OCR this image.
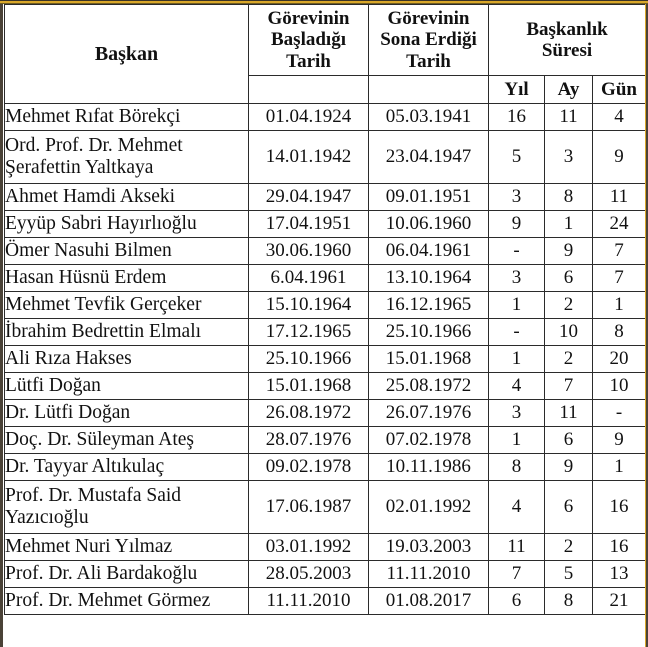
Başkan	
Görevinin
Başladığı
Tarih

Görevinin
Sona Erdiği
Tarih

Başkanlık
Süresi

			Yıl	Ay	Gün
Mehmet Rıfat Börekçi	01.04.1924	05.03.1941	16	11	4
Ord. Prof. Dr. Mehmet Şerafettin Yaltkaya	14.01.1942	23.04.1947	5	3	9
Ahmet Hamdi Akseki	29.04.1947	09.01.1951	3	8	11
Eyyüp Sabri Hayırlıoğlu	17.04.1951	10.06.1960	9	1	24
Ömer Nasuhi Bilmen	30.06.1960	06.04.1961	-	9	7
Hasan Hüsnü Erdem	6.04.1961	13.10.1964	3	6	7
Mehmet Tevfik Gerçeker	15.10.1964	16.12.1965	1	2	1
İbrahim Bedrettin Elmalı	17.12.1965	25.10.1966	-	10	8
Ali Rıza Hakses	25.10.1966	15.01.1968	1	2	20
Lütfi Doğan	15.01.1968	25.08.1972	4	7	10
Dr. Lütfi Doğan	26.08.1972	26.07.1976	3	11	-
Doç. Dr. Süleyman Ateş	28.07.1976	07.02.1978	1	6	9
Dr. Tayyar Altıkulaç	09.02.1978	10.11.1986	8	9	1
Prof. Dr. Mustafa Said Yazıcıoğlu	17.06.1987	02.01.1992	4	6	16
Mehmet Nuri Yılmaz	03.01.1992	19.03.2003	11	2	16
Prof. Dr. Ali Bardakoğlu	28.05.2003	11.11.2010	7	5	13
Prof. Dr. Mehmet Görmez	11.11.2010	01.08.2017	6	8	21
